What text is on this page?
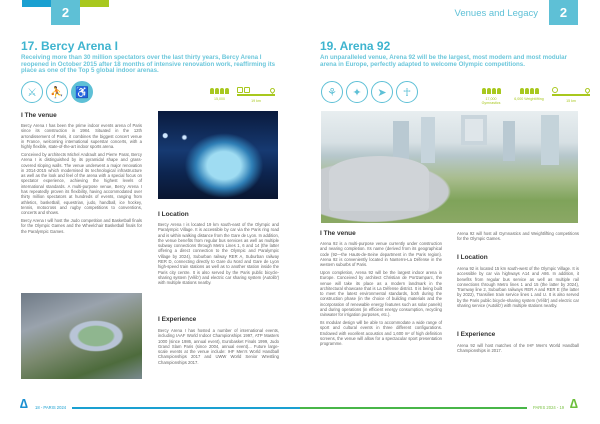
2
17. Bercy Arena I
Receiving more than 30 million spectators over the last thirty years, Bercy Arena I reopened in October 2015 after 18 months of intensive renovation work, reaffirming its place as one of the Top 5 global indoor arenas.
⚔	⛹	♿
15,000	19 km
I The venue

Bercy Arena I has been the prime indoor events arena of Paris since its construction in 1984. Situated in the 12th arrondissement of Paris, it combines the biggest concert venue in France, welcoming international superstar concerts, with a highly flexible, state-of-the-art indoor sports arena.

Conceived by architects Michel Andrault and Pierre Parat, Bercy Arena I is distinguished by its pyramidal shape and grass-covered sloping walls. The venue underwent a major renovation in 2014-2015 which modernised its technological infrastructure as well as the look and feel of the arena with a special focus on spectator experience, achieving the highest levels of international standards. A multi-purpose venue, Bercy Arena I has repeatedly proven its flexibility, having accommodated over thirty million spectators at hundreds of events, ranging from athletics, basketball, equestrian, judo, handball, ice hockey, tennis, motocross and rugby competitions to conventions, concerts and shows.

Bercy Arena I will host the Judo competition and Basketball finals for the Olympic Games and the Wheelchair Basketball finals for the Paralympic Games.

I Location
Bercy Arena I is located 19 km south-east of the Olympic and Paralympic Village. It is accessible by car via the Paris ring road and is within walking distance from the Gare de Lyon. In addition, the venue benefits from regular bus services as well as multiple subway connections through Metro Lines 1, 6 and 14 (the latter offering a direct connection to the Olympic and Paralympic Village by 2024), Suburban railway RER A, Suburban railway RER D, connecting directly to Gare du Nord and Gare de Lyon high-speed train stations as well as to another station inside the Paris city centre. It is also served by the Paris public bicycle-sharing system (Vélib') and electric car sharing system (Autolib') with multiple stations nearby.
I Experience
Bercy Arena I has hosted a number of international events, including IAAF World Indoor Championships 1997, ATP Masters 1000 (since 1986, annual event), Eurobasket Finals 1999, Judo Grand Slam Paris (since 2004, annual event)... Future large-scale events at the venue include: IHF Men's World Handball Championships 2017 and UWW World Senior Wrestling Championships 2017.
∆ 18 - PARIS 2024
Venues and Legacy	2
19. Arena 92
An unparalleled venue, Arena 92 will be the largest, most modern and most modular arena in Europe, perfectly adapted to welcome Olympic competitions.
⚘	✦	➤	☥
17,000 Gymnastics
6,000 Weightlifting	15 km
I The venue

Arena 92 is a multi-purpose venue currently under construction and nearing completion. Its name (derived from its geographical code (92—the Hauts-de-Seine department in the Paris region). Arena 92 is conveniently located in Nanterre-La Défense in the western suburbs of Paris.

Upon completion, Arena 92 will be the largest indoor arena in Europe. Conceived by architect Christian de Portzamparc, the venue will take its place as a modern landmark in the architectural showcase that is La Défense district. It is being built to meet the latest environmental standards, both during the construction phase (in the choice of building materials and the incorporation of renewable energy features such as solar panels) and during operations (in efficient energy consumption, recycling rainwater for irrigation purposes, etc.).

Its modular design will be able to accommodate a wide range of sport and cultural events in three different configurations. Endowed with excellent acoustics and 1,600 m² of high definition screens, the venue will allow for a spectacular sport presentation programme.

Arena 92 will host all Gymnastics and Weightlifting competitions for the Olympic Games.
I Location
Arena 92 is located 15 km south-west of the Olympic Village. It is accessible by car via highways A14 and A86. In addition, it benefits from regular bus service as well as multiple rail connections through Metro lines 1 and 15 (the latter by 2024), Tramway line 2, Suburban railways RER A and RER E (the latter by 2022), Transilien train service lines L and U. It is also served by the Paris public bicycle-sharing system (Vélib') and electric car sharing service (Autolib') with multiple stations nearby.
I Experience
Arena 92 will host matches of the IHF Men's World Handball Championships in 2017.
PARIS 2024 - 19 ∆
